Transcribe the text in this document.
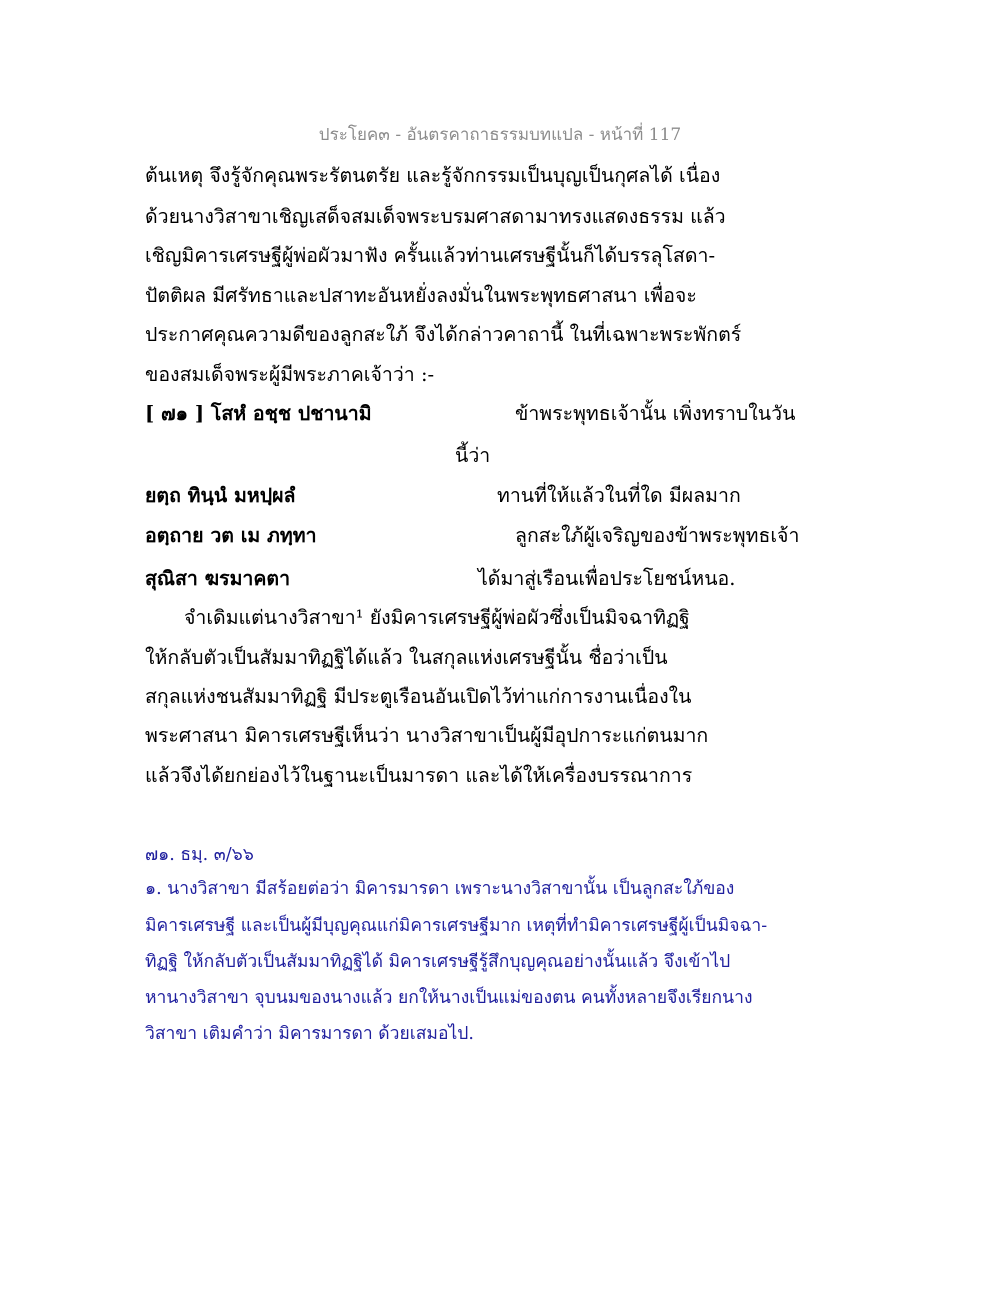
ประโยค๓ - อันตรคาถาธรรมบทแปล - หน้าที่ 117
ต้นเหตุ จึงรู้จักคุณพระรัตนตรัย และรู้จักกรรมเป็นบุญเป็นกุศลได้ เนื่อง
ด้วยนางวิสาขาเชิญเสด็จสมเด็จพระบรมศาสดามาทรงแสดงธรรม แล้ว
เชิญมิคารเศรษฐีผู้พ่อผัวมาฟัง ครั้นแล้วท่านเศรษฐีนั้นก็ได้บรรลุโสดา-
ปัตติผล มีศรัทธาและปสาทะอันหยั่งลงมั่นในพระพุทธศาสนา เพื่อจะ
ประกาศคุณความดีของลูกสะใภ้ จึงได้กล่าวคาถานี้ ในที่เฉพาะพระพักตร์
ของสมเด็จพระผู้มีพระภาคเจ้าว่า :-
[ ๗๑ ] โสหํ อชฺช ปชานามิ	ข้าพระพุทธเจ้านั้น เพิ่งทราบในวัน
นี้ว่า
ยตฺถ ทินฺนํ มหปฺผลํ	ทานที่ให้แล้วในที่ใด มีผลมาก
อตฺถาย วต เม ภทฺทา	ลูกสะใภ้ผู้เจริญของข้าพระพุทธเจ้า
สุณิสา ฆรมาคตา	ได้มาสู่เรือนเพื่อประโยชน์หนอ.
จำเดิมแต่นางวิสาขา¹ ยังมิคารเศรษฐีผู้พ่อผัวซึ่งเป็นมิจฉาทิฏฐิ
ให้กลับตัวเป็นสัมมาทิฏฐิได้แล้ว ในสกุลแห่งเศรษฐีนั้น ชื่อว่าเป็น
สกุลแห่งชนสัมมาทิฏฐิ มีประตูเรือนอันเปิดไว้ท่าแก่การงานเนื่องใน
พระศาสนา มิคารเศรษฐีเห็นว่า นางวิสาขาเป็นผู้มีอุปการะแก่ตนมาก
แล้วจึงได้ยกย่องไว้ในฐานะเป็นมารดา และได้ให้เครื่องบรรณาการ
๗๑. ธมฺ. ๓/๖๖
๑. นางวิสาขา มีสร้อยต่อว่า มิคารมารดา เพราะนางวิสาขานั้น เป็นลูกสะใภ้ของ
มิคารเศรษฐี และเป็นผู้มีบุญคุณแก่มิคารเศรษฐีมาก เหตุที่ทำมิคารเศรษฐีผู้เป็นมิจฉา-
ทิฏฐิ ให้กลับตัวเป็นสัมมาทิฏฐิได้ มิคารเศรษฐีรู้สึกบุญคุณอย่างนั้นแล้ว จึงเข้าไป
หานางวิสาขา จุบนมของนางแล้ว ยกให้นางเป็นแม่ของตน คนทั้งหลายจึงเรียกนาง
วิสาขา เติมคำว่า มิคารมารดา ด้วยเสมอไป.
